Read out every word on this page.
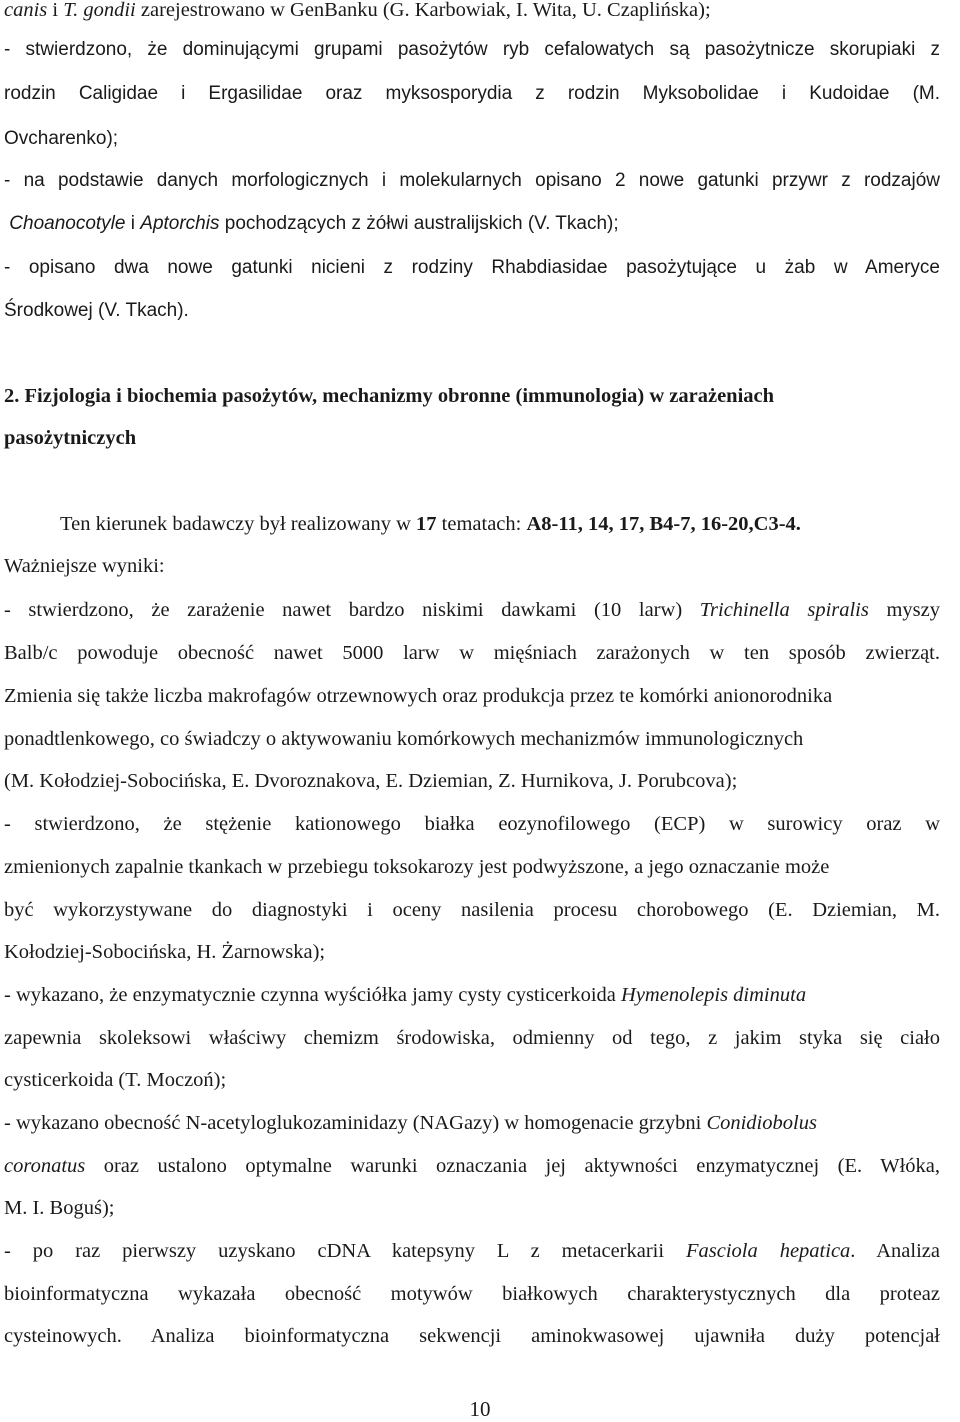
canis i T. gondii zarejestrowano w GenBanku (G. Karbowiak, I. Wita, U. Czaplińska);
- stwierdzono, że dominującymi grupami pasożytów ryb cefalowatych są pasożytnicze skorupiaki z
rodzin Caligidae i Ergasilidae oraz myksosporydia z rodzin Myksobolidae i Kudoidae (M.
Ovcharenko);
- na podstawie danych morfologicznych i molekularnych opisano 2 nowe gatunki przywr z rodzajów
Choanocotyle i Aptorchis pochodzących z żółwi australijskich (V. Tkach);
- opisano dwa nowe gatunki nicieni z rodziny Rhabdiasidae pasożytujące u żab w Ameryce
Środkowej (V. Tkach).
2. Fizjologia i biochemia pasożytów, mechanizmy obronne (immunologia) w zarażeniach
pasożytniczych
Ten kierunek badawczy był realizowany w 17 tematach: A8-11, 14, 17, B4-7, 16-20,C3-4.
Ważniejsze wyniki:
- stwierdzono, że zarażenie nawet bardzo niskimi dawkami (10 larw) Trichinella spiralis myszy
Balb/c powoduje obecność nawet 5000 larw w mięśniach zarażonych w ten sposób zwierząt.
Zmienia się także liczba makrofagów otrzewnowych oraz produkcja przez te komórki anionorodnika
ponadtlenkowego, co świadczy o aktywowaniu komórkowych mechanizmów immunologicznych
(M. Kołodziej-Sobocińska, E. Dvoroznakova, E. Dziemian, Z. Hurnikova, J. Porubcova);
- stwierdzono, że stężenie kationowego białka eozynofilowego (ECP) w surowicy oraz w
zmienionych zapalnie tkankach w przebiegu toksokarozy jest podwyższone, a jego oznaczanie może
być wykorzystywane do diagnostyki i oceny nasilenia procesu chorobowego (E. Dziemian, M.
Kołodziej-Sobocińska, H. Żarnowska);
- wykazano, że enzymatycznie czynna wyściółka jamy cysty cysticerkoida Hymenolepis diminuta
zapewnia skoleksowi właściwy chemizm środowiska, odmienny od tego, z jakim styka się ciało
cysticerkoida (T. Moczoń);
- wykazano obecność N-acetyloglukozaminidazy (NAGazy) w homogenacie grzybni Conidiobolus
coronatus oraz ustalono optymalne warunki oznaczania jej aktywności enzymatycznej (E. Włóka,
M. I. Boguś);
- po raz pierwszy uzyskano cDNA katepsyny L z metacerkarii Fasciola hepatica. Analiza
bioinformatyczna wykazała obecność motywów białkowych charakterystycznych dla proteaz
cysteinowych. Analiza bioinformatyczna sekwencji aminokwasowej ujawniła duży potencjał
10
